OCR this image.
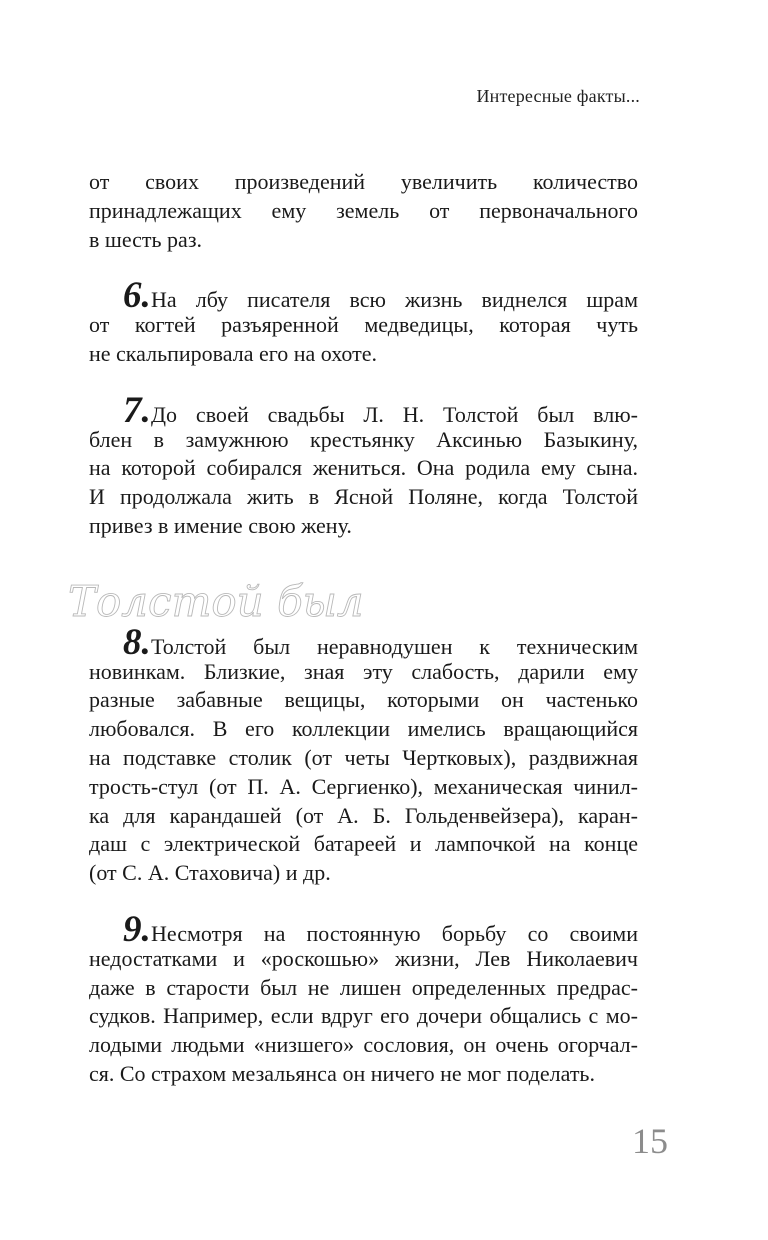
Интересные факты...
Толстой был

от своих произведений увеличить количество
принадлежащих ему земель от первоначального
в шесть раз.

6.На лбу писателя всю жизнь виднелся шрам
от когтей разъяренной медведицы, которая чуть
не скальпировала его на охоте.

7.До своей свадьбы Л. Н. Толстой был влю-
блен в замужнюю крестьянку Аксинью Базыкину,
на которой собирался жениться. Она родила ему сына.
И продолжала жить в Ясной Поляне, когда Толстой
привез в имение свою жену.

8.Толстой был неравнодушен к техническим
новинкам. Близкие, зная эту слабость, дарили ему
разные забавные вещицы, которыми он частенько
любовался. В его коллекции имелись вращающийся
на подставке столик (от четы Чертковых), раздвижная
трость-стул (от П. А. Сергиенко), механическая чинил-
ка для карандашей (от А. Б. Гольденвейзера), каран-
даш с электрической батареей и лампочкой на конце
(от С. А. Стаховича) и др.

9.Несмотря на постоянную борьбу со своими
недостатками и «роскошью» жизни, Лев Николаевич
даже в старости был не лишен определенных предрас-
судков. Например, если вдруг его дочери общались с мо-
лодыми людьми «низшего» сословия, он очень огорчал-
ся. Со страхом мезальянса он ничего не мог поделать.

15
